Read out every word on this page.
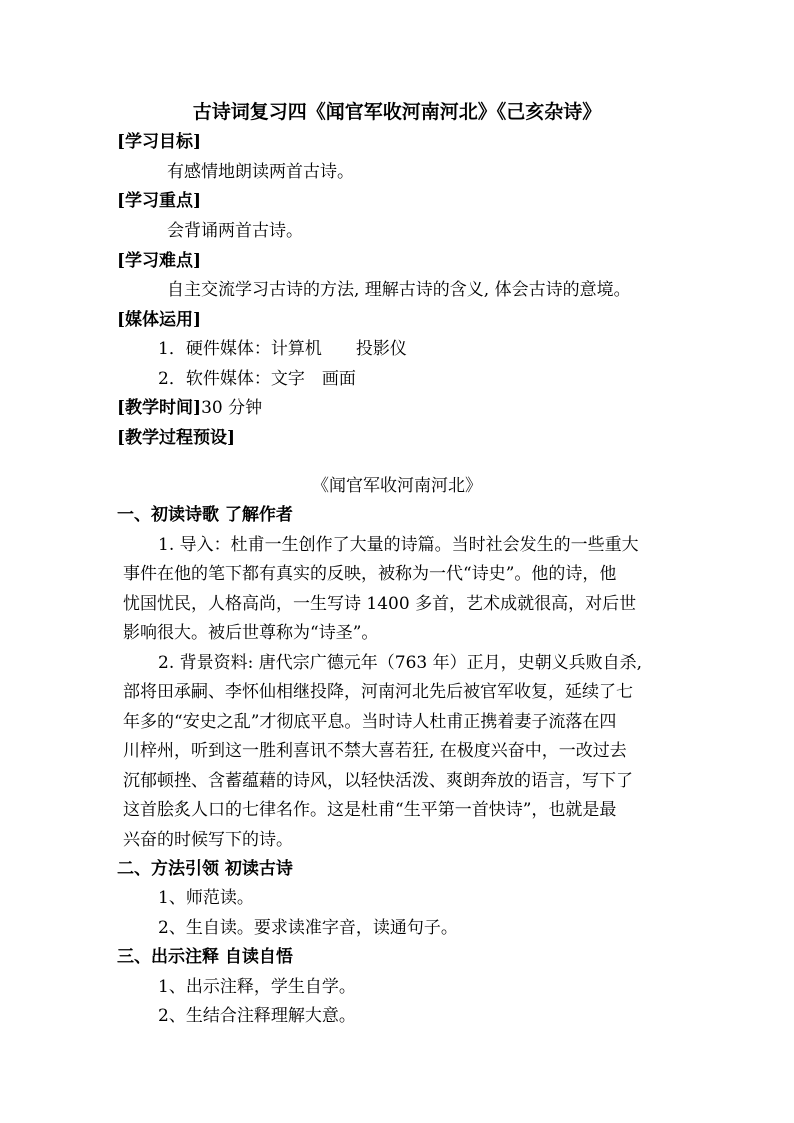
古诗词复习四《闻官军收河南河北》《己亥杂诗》
[学习目标]
有感情地朗读两首古诗。
[学习重点]
会背诵两首古诗。
[学习难点]
自主交流学习古诗的方法, 理解古诗的含义, 体会古诗的意境。
[媒体运用]
1．硬件媒体：计算机　　投影仪
2．软件媒体：文字　画面
[教学时间]30 分钟
[教学过程预设]
《闻官军收河南河北》
一、初读诗歌 了解作者
1. 导入：杜甫一生创作了大量的诗篇。当时社会发生的一些重大
事件在他的笔下都有真实的反映，被称为一代“诗史”。他的诗，他
忧国忧民，人格高尚，一生写诗 1400 多首，艺术成就很高，对后世
影响很大。被后世尊称为“诗圣”。
2. 背景资料: 唐代宗广德元年（763 年）正月，史朝义兵败自杀,
部将田承嗣、李怀仙相继投降，河南河北先后被官军收复，延续了七
年多的“安史之乱”才彻底平息。当时诗人杜甫正携着妻子流落在四
川梓州，听到这一胜利喜讯不禁大喜若狂, 在极度兴奋中，一改过去
沉郁顿挫、含蓄蕴藉的诗风，以轻快活泼、爽朗奔放的语言，写下了
这首脍炙人口的七律名作。这是杜甫“生平第一首快诗”，也就是最
兴奋的时候写下的诗。
二、方法引领 初读古诗
1、师范读。
2、生自读。要求读准字音，读通句子。
三、出示注释 自读自悟
1、出示注释，学生自学。
2、生结合注释理解大意。
